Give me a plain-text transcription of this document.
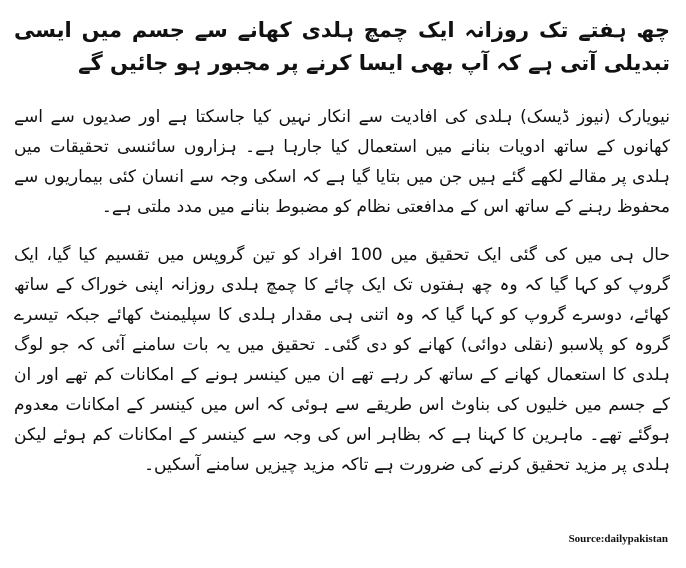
چھ ہفتے تک روزانہ ایک چمچ ہلدی کھانے سے جسم میں ایسی تبدیلی آتی ہے کہ آپ بھی ایسا کرنے پر مجبور ہو جائیں گے

نیویارک (نیوز ڈیسک) ہلدی کی افادیت سے انکار نہیں کیا جاسکتا ہے اور صدیوں سے اسے کھانوں کے ساتھ ادویات بنانے میں استعمال کیا جارہا ہے۔ ہزاروں سائنسی تحقیقات میں ہلدی پر مقالے لکھے گئے ہیں جن میں بتایا گیا ہے کہ اسکی وجہ سے انسان کئی بیماریوں سے محفوظ رہنے کے ساتھ اس کے مدافعتی نظام کو مضبوط بنانے میں مدد ملتی ہے۔

حال ہی میں کی گئی ایک تحقیق میں 100 افراد کو تین گروپس میں تقسیم کیا گیا، ایک گروپ کو کہا گیا کہ وہ چھ ہفتوں تک ایک چائے کا چمچ ہلدی روزانہ اپنی خوراک کے ساتھ کھائے، دوسرے گروپ کو کہا گیا کہ وہ اتنی ہی مقدار ہلدی کا سپلیمنٹ کھائے جبکہ تیسرے گروہ کو پلاسبو (نقلی دوائی) کھانے کو دی گئی۔ تحقیق میں یہ بات سامنے آئی کہ جو لوگ ہلدی کا استعمال کھانے کے ساتھ کر رہے تھے ان میں کینسر ہونے کے امکانات کم تھے اور ان کے جسم میں خلیوں کی بناوٹ اس طریقے سے ہوئی کہ اس میں کینسر کے امکانات معدوم ہوگئے تھے۔ ماہرین کا کہنا ہے کہ بظاہر اس کی وجہ سے کینسر کے امکانات کم ہوئے لیکن ہلدی پر مزید تحقیق کرنے کی ضرورت ہے تاکہ مزید چیزیں سامنے آسکیں۔

Source:dailypakistan
